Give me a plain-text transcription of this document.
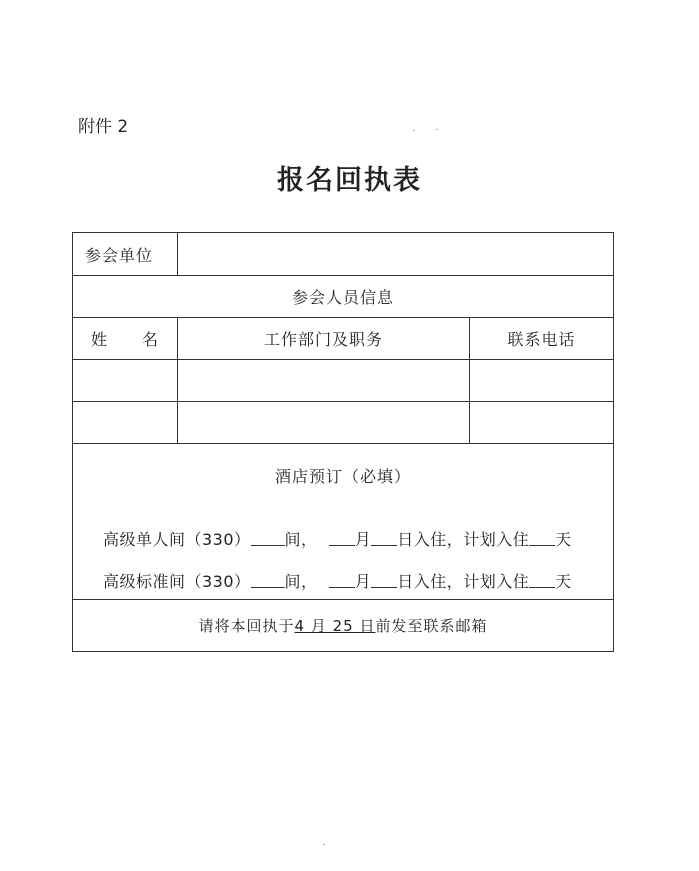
附件 2
报名回执表
参会单位
参会人员信息
姓　　名	工作部门及职务	联系电话
酒店预订（必填）
高级单人间（330） 间， 月 日入住，计划入住 天
高级标准间（330） 间， 月 日入住，计划入住 天
请将本回执于 4 月 25 日 前发至联系邮箱
